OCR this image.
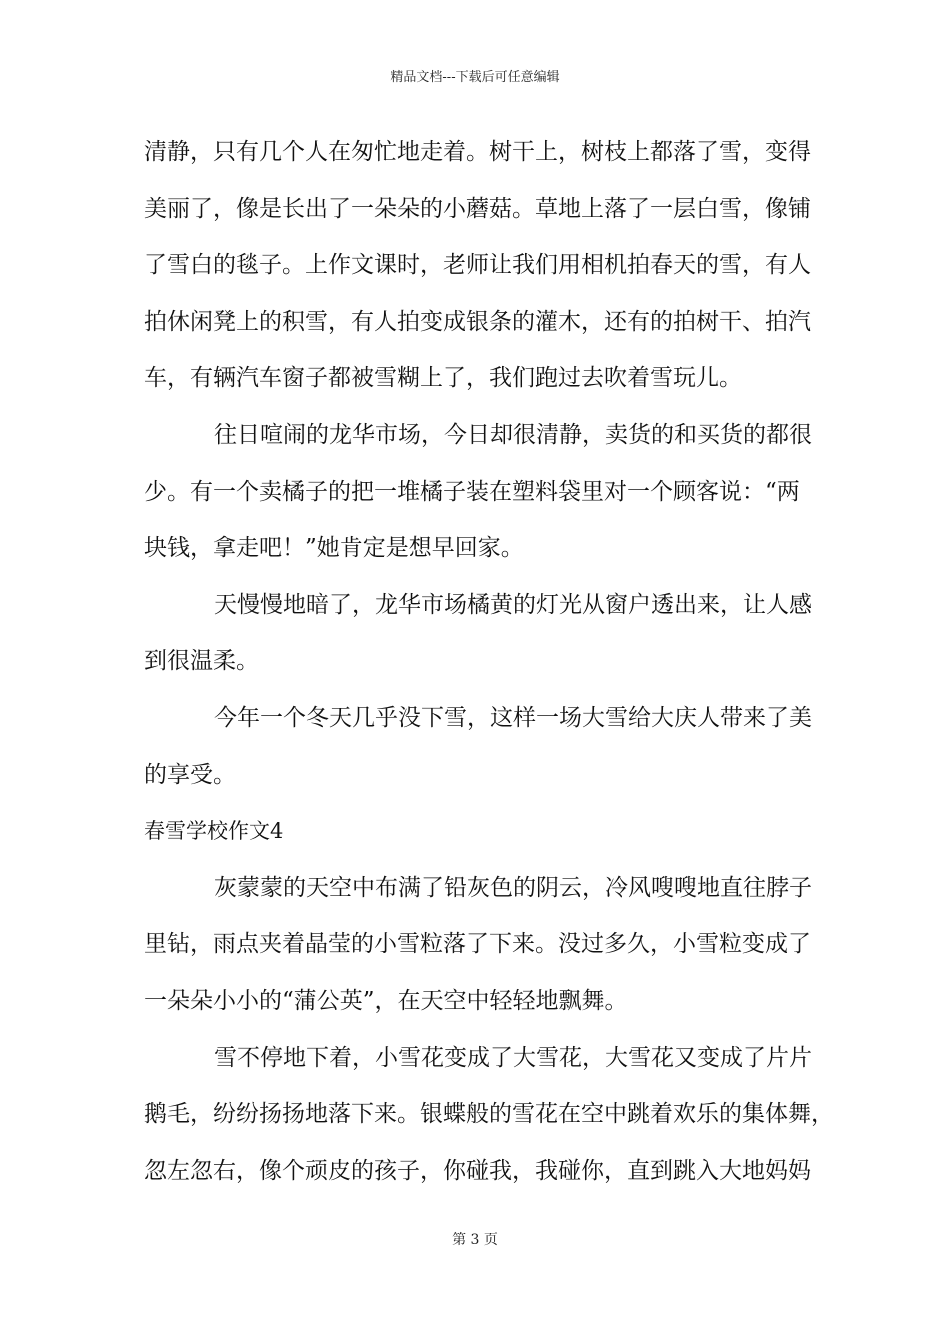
精品文档---下载后可任意编辑
清静，只有几个人在匆忙地走着。树干上，树枝上都落了雪，变得
美丽了，像是长出了一朵朵的小蘑菇。草地上落了一层白雪，像铺
了雪白的毯子。上作文课时，老师让我们用相机拍春天的雪，有人
拍休闲凳上的积雪，有人拍变成银条的灌木，还有的拍树干、拍汽
车，有辆汽车窗子都被雪糊上了，我们跑过去吹着雪玩儿。
往日喧闹的龙华市场，今日却很清静，卖货的和买货的都很
少。有一个卖橘子的把一堆橘子装在塑料袋里对一个顾客说：“两
块钱，拿走吧！”她肯定是想早回家。
天慢慢地暗了，龙华市场橘黄的灯光从窗户透出来，让人感
到很温柔。
今年一个冬天几乎没下雪，这样一场大雪给大庆人带来了美
的享受。
春雪学校作文4
灰蒙蒙的天空中布满了铅灰色的阴云，冷风嗖嗖地直往脖子
里钻，雨点夹着晶莹的小雪粒落了下来。没过多久，小雪粒变成了
一朵朵小小的“蒲公英”，在天空中轻轻地飘舞。
雪不停地下着，小雪花变成了大雪花，大雪花又变成了片片
鹅毛，纷纷扬扬地落下来。银蝶般的雪花在空中跳着欢乐的集体舞，
忽左忽右，像个顽皮的孩子，你碰我，我碰你，直到跳入大地妈妈
第 3 页
